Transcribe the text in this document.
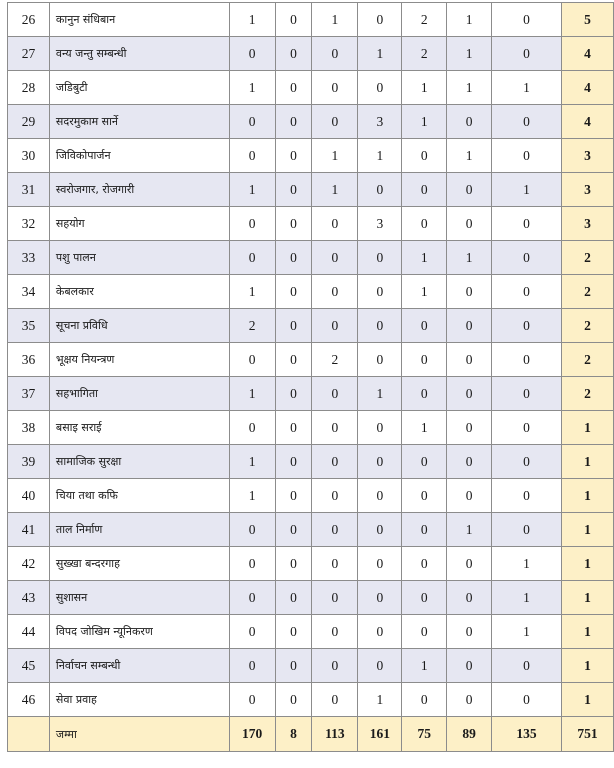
26	कानुन संधिबान	1	0	1	0	2	1	0	5
27	वन्य जन्तु सम्बन्धी	0	0	0	1	2	1	0	4
28	जडिबुटी	1	0	0	0	1	1	1	4
29	सदरमुकाम सार्ने	0	0	0	3	1	0	0	4
30	जिविकोपार्जन	0	0	1	1	0	1	0	3
31	स्वरोजगार, रोजगारी	1	0	1	0	0	0	1	3
32	सहयोग	0	0	0	3	0	0	0	3
33	पशु पालन	0	0	0	0	1	1	0	2
34	केबलकार	1	0	0	0	1	0	0	2
35	सूचना प्रविधि	2	0	0	0	0	0	0	2
36	भूक्षय नियन्त्रण	0	0	2	0	0	0	0	2
37	सहभागिता	1	0	0	1	0	0	0	2
38	बसाइ सराई	0	0	0	0	1	0	0	1
39	सामाजिक सुरक्षा	1	0	0	0	0	0	0	1
40	चिया तथा कफि	1	0	0	0	0	0	0	1
41	ताल निर्माण	0	0	0	0	0	1	0	1
42	सुख्खा बन्दरगाह	0	0	0	0	0	0	1	1
43	सुशासन	0	0	0	0	0	0	1	1
44	विपद जोखिम न्यूनिकरण	0	0	0	0	0	0	1	1
45	निर्वाचन सम्बन्धी	0	0	0	0	1	0	0	1
46	सेवा प्रवाह	0	0	0	1	0	0	0	1
	जम्मा	170	8	113	161	75	89	135	751
